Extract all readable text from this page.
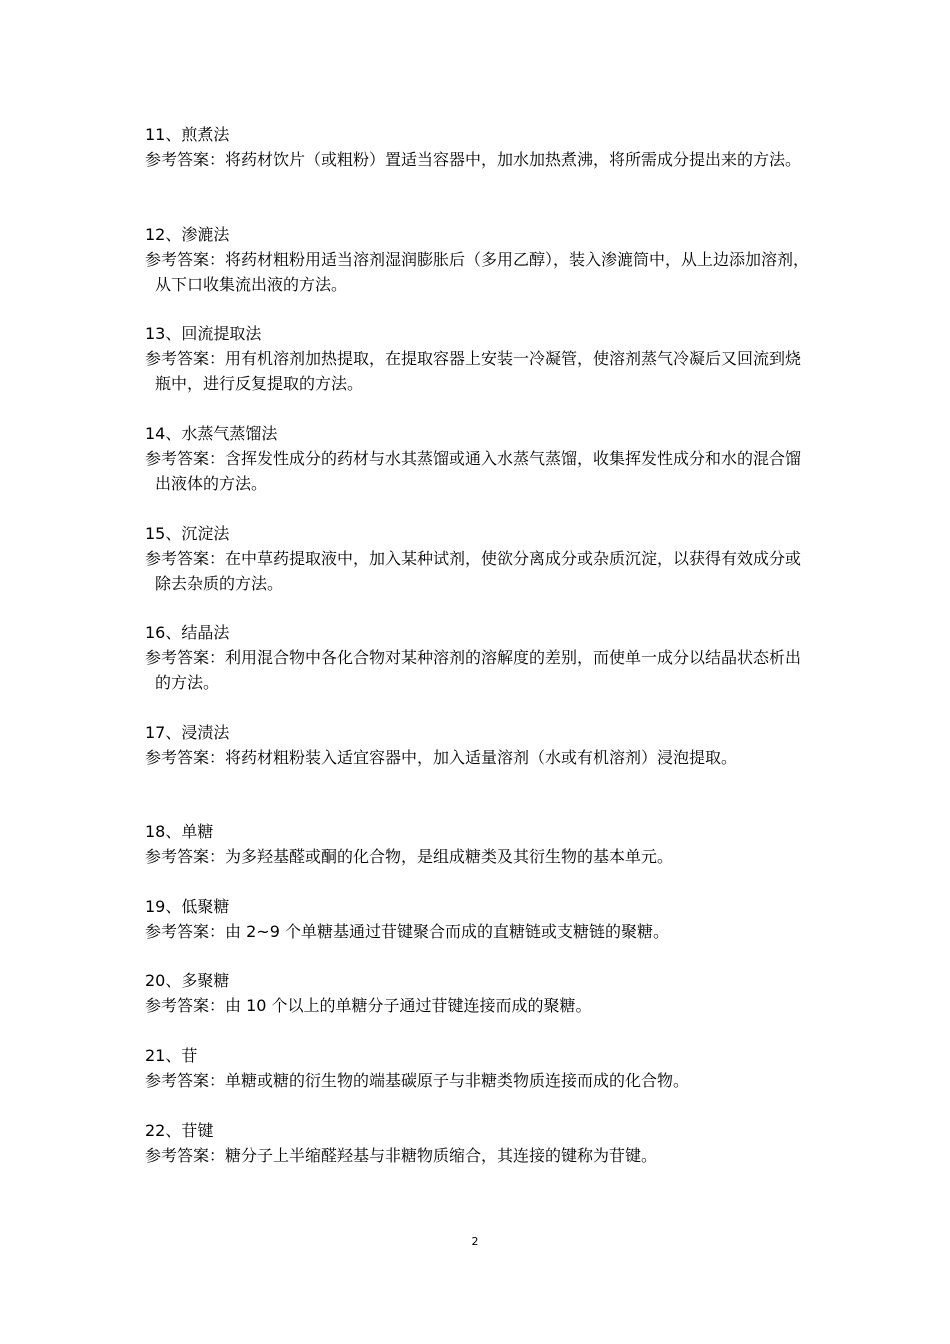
11、煎煮法
参考答案：将药材饮片（或粗粉）置适当容器中，加水加热煮沸，将所需成分提出来的方法。
12、渗漉法
参考答案：将药材粗粉用适当溶剂湿润膨胀后（多用乙醇），装入渗漉筒中，从上边添加溶剂，从下口收集流出液的方法。
13、回流提取法
参考答案：用有机溶剂加热提取，在提取容器上安装一冷凝管，使溶剂蒸气冷凝后又回流到烧瓶中，进行反复提取的方法。
14、水蒸气蒸馏法
参考答案：含挥发性成分的药材与水其蒸馏或通入水蒸气蒸馏，收集挥发性成分和水的混合馏出液体的方法。
15、沉淀法
参考答案：在中草药提取液中，加入某种试剂，使欲分离成分或杂质沉淀，以获得有效成分或除去杂质的方法。
16、结晶法
参考答案：利用混合物中各化合物对某种溶剂的溶解度的差别，而使单一成分以结晶状态析出的方法。
17、浸渍法
参考答案：将药材粗粉装入适宜容器中，加入适量溶剂（水或有机溶剂）浸泡提取。
18、单糖
参考答案：为多羟基醛或酮的化合物，是组成糖类及其衍生物的基本单元。
19、低聚糖
参考答案：由 2~9 个单糖基通过苷键聚合而成的直糖链或支糖链的聚糖。
20、多聚糖
参考答案：由 10 个以上的单糖分子通过苷键连接而成的聚糖。
21、苷
参考答案：单糖或糖的衍生物的端基碳原子与非糖类物质连接而成的化合物。
22、苷键
参考答案：糖分子上半缩醛羟基与非糖物质缩合，其连接的键称为苷键。
2
